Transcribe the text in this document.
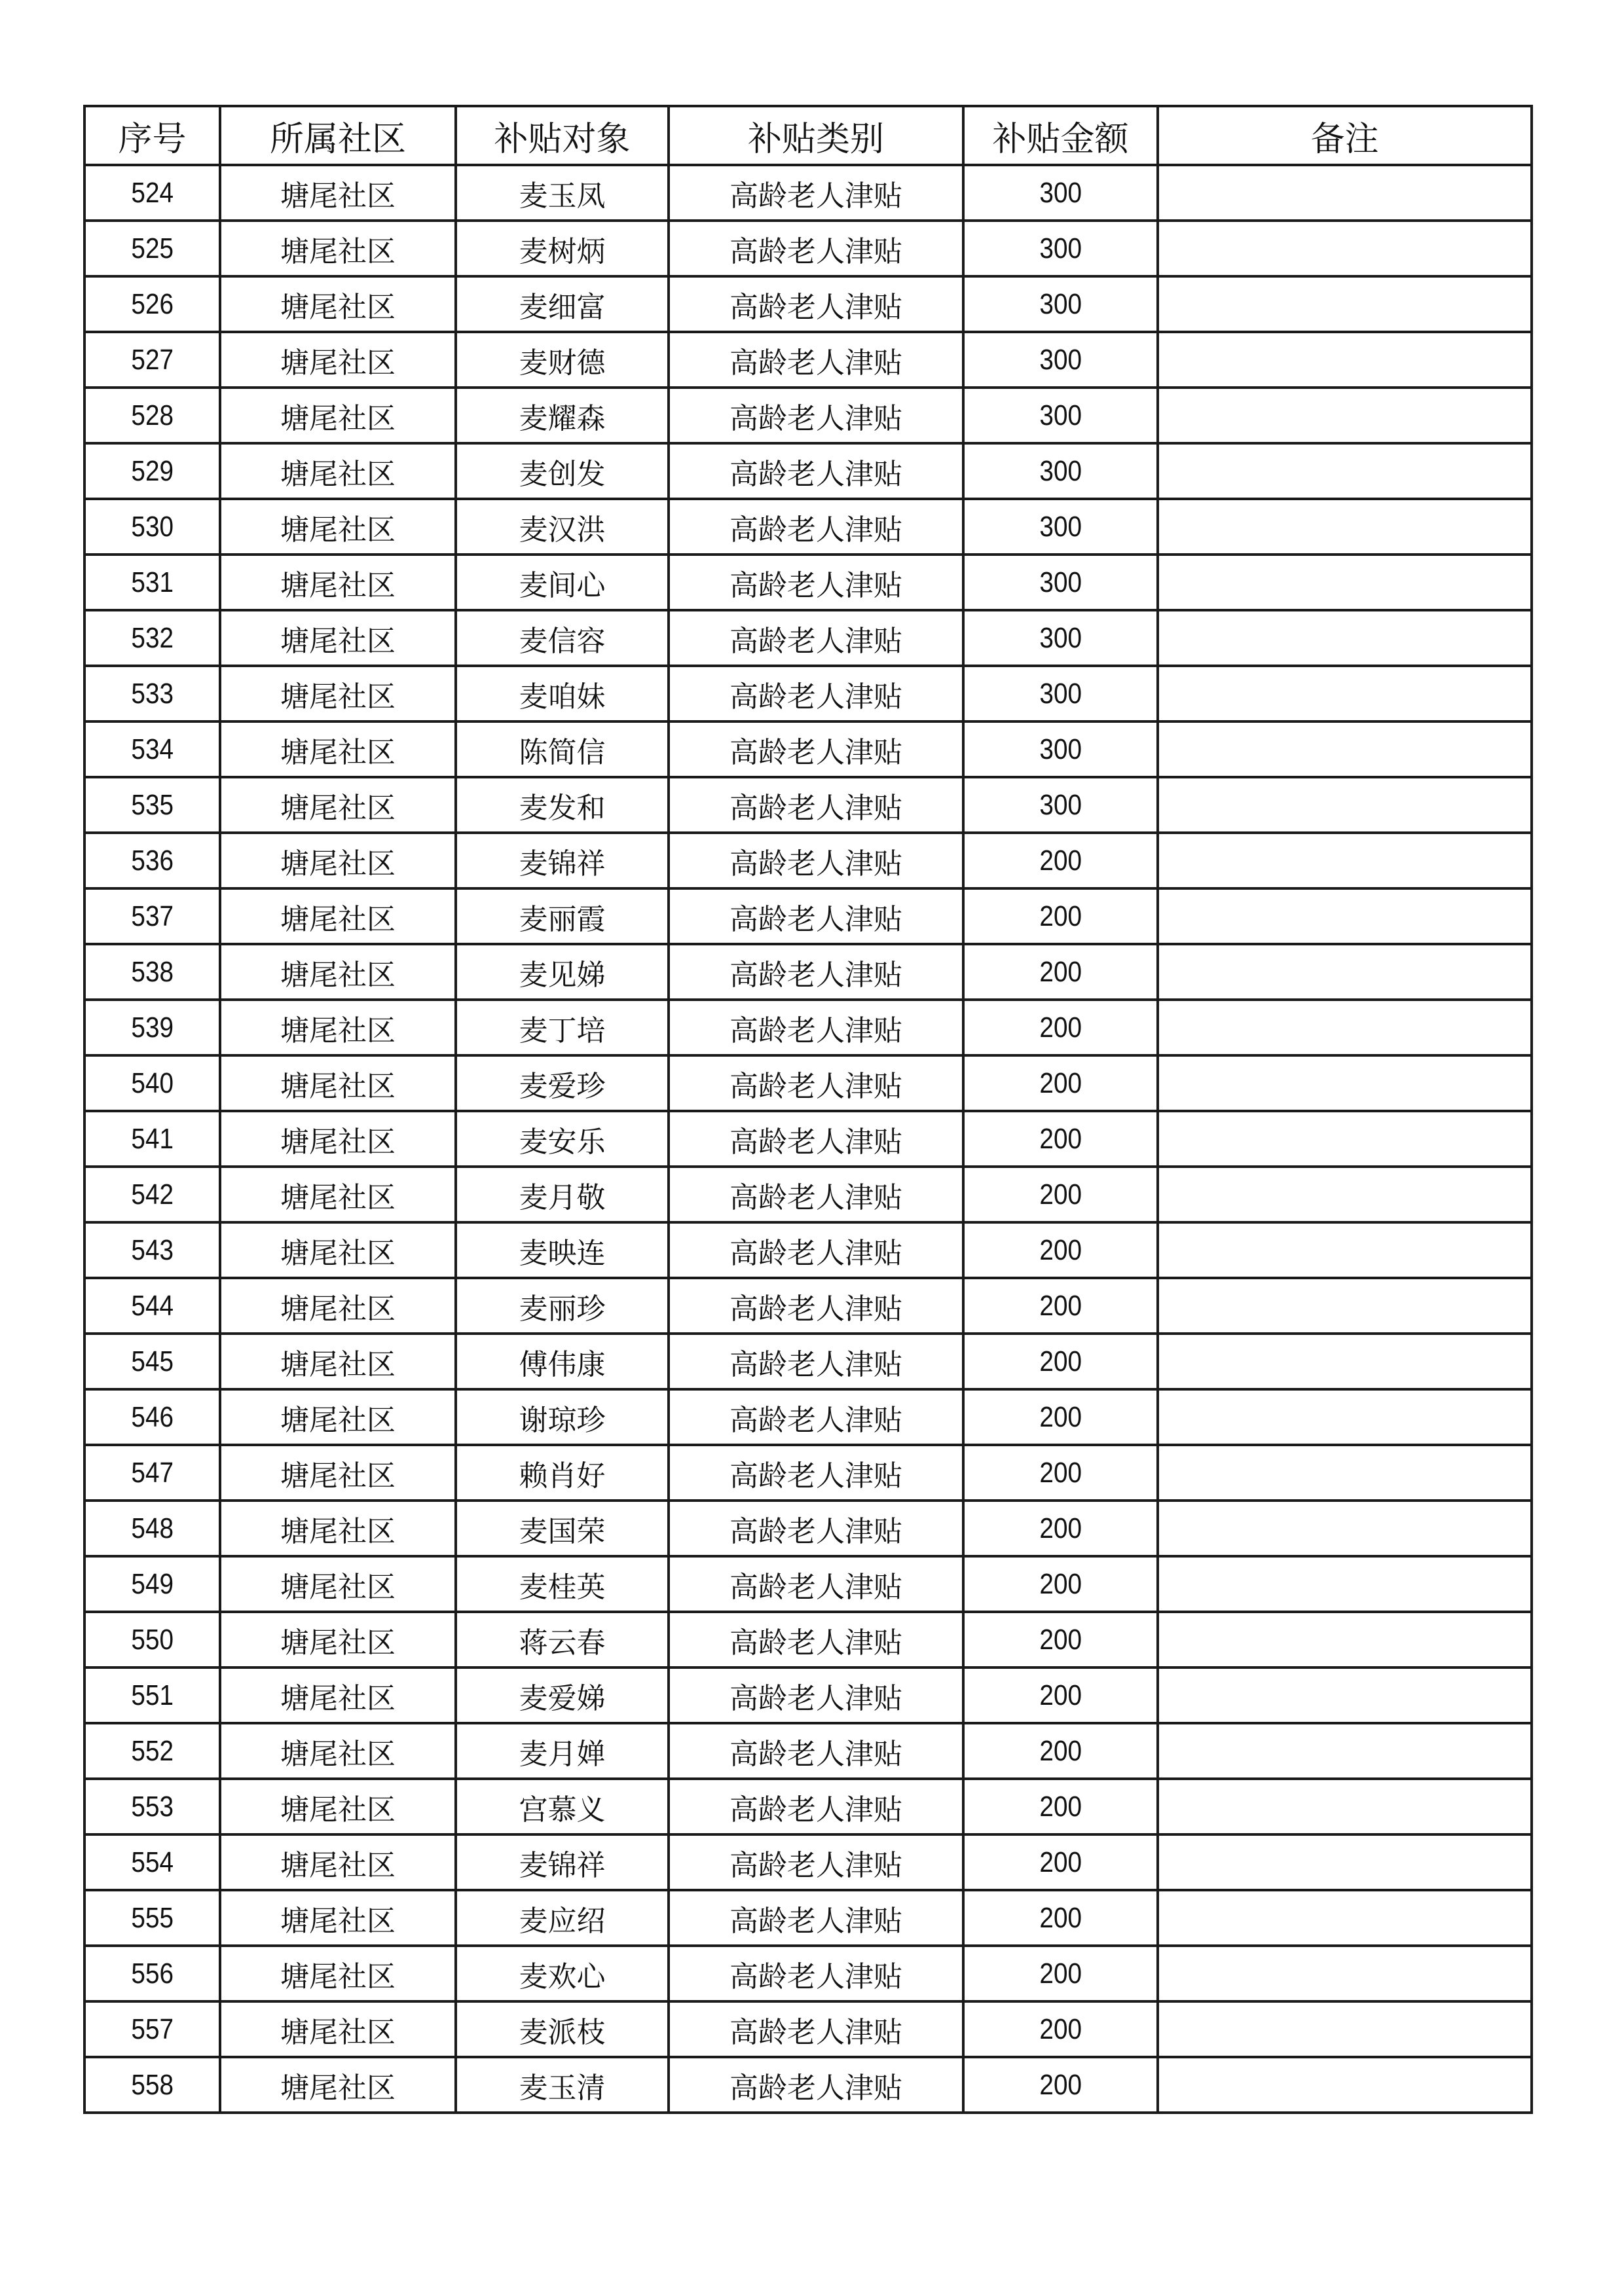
序号	所属社区	补贴对象	补贴类别	补贴金额	备注
524	塘尾社区	麦玉凤	高龄老人津贴	300	
525	塘尾社区	麦树炳	高龄老人津贴	300	
526	塘尾社区	麦细富	高龄老人津贴	300	
527	塘尾社区	麦财德	高龄老人津贴	300	
528	塘尾社区	麦耀森	高龄老人津贴	300	
529	塘尾社区	麦创发	高龄老人津贴	300	
530	塘尾社区	麦汉洪	高龄老人津贴	300	
531	塘尾社区	麦间心	高龄老人津贴	300	
532	塘尾社区	麦信容	高龄老人津贴	300	
533	塘尾社区	麦咱妹	高龄老人津贴	300	
534	塘尾社区	陈简信	高龄老人津贴	300	
535	塘尾社区	麦发和	高龄老人津贴	300	
536	塘尾社区	麦锦祥	高龄老人津贴	200	
537	塘尾社区	麦丽霞	高龄老人津贴	200	
538	塘尾社区	麦见娣	高龄老人津贴	200	
539	塘尾社区	麦丁培	高龄老人津贴	200	
540	塘尾社区	麦爱珍	高龄老人津贴	200	
541	塘尾社区	麦安乐	高龄老人津贴	200	
542	塘尾社区	麦月敬	高龄老人津贴	200	
543	塘尾社区	麦映连	高龄老人津贴	200	
544	塘尾社区	麦丽珍	高龄老人津贴	200	
545	塘尾社区	傅伟康	高龄老人津贴	200	
546	塘尾社区	谢琼珍	高龄老人津贴	200	
547	塘尾社区	赖肖好	高龄老人津贴	200	
548	塘尾社区	麦国荣	高龄老人津贴	200	
549	塘尾社区	麦桂英	高龄老人津贴	200	
550	塘尾社区	蒋云春	高龄老人津贴	200	
551	塘尾社区	麦爱娣	高龄老人津贴	200	
552	塘尾社区	麦月婵	高龄老人津贴	200	
553	塘尾社区	宫慕义	高龄老人津贴	200	
554	塘尾社区	麦锦祥	高龄老人津贴	200	
555	塘尾社区	麦应绍	高龄老人津贴	200	
556	塘尾社区	麦欢心	高龄老人津贴	200	
557	塘尾社区	麦派枝	高龄老人津贴	200	
558	塘尾社区	麦玉清	高龄老人津贴	200	
